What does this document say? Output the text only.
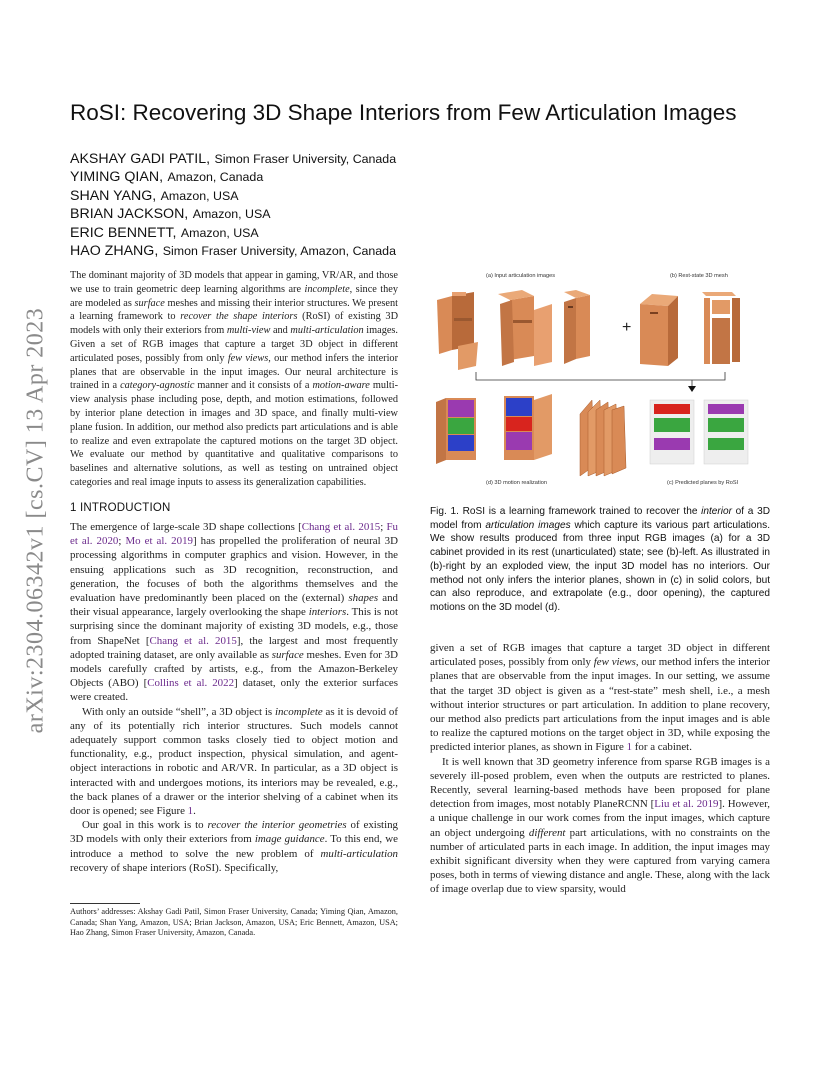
arXiv:2304.06342v1 [cs.CV] 13 Apr 2023
RoSI: Recovering 3D Shape Interiors from Few Articulation Images
AKSHAY GADI PATIL, Simon Fraser University, Canada
YIMING QIAN, Amazon, Canada
SHAN YANG, Amazon, USA
BRIAN JACKSON, Amazon, USA
ERIC BENNETT, Amazon, USA
HAO ZHANG, Simon Fraser University, Amazon, Canada

The dominant majority of 3D models that appear in gaming, VR/AR, and those we use to train geometric deep learning algorithms are incomplete, since they are modeled as surface meshes and missing their interior structures. We present a learning framework to recover the shape interiors (RoSI) of existing 3D models with only their exteriors from multi-view and multi-articulation images. Given a set of RGB images that capture a target 3D object in different articulated poses, possibly from only few views, our method infers the interior planes that are observable in the input images. Our neural architecture is trained in a category-agnostic manner and it consists of a motion-aware multi-view analysis phase including pose, depth, and motion estimations, followed by interior plane detection in images and 3D space, and finally multi-view plane fusion. In addition, our method also predicts part articulations and is able to realize and even extrapolate the captured motions on the target 3D object. We evaluate our method by quantitative and qualitative comparisons to baselines and alternative solutions, as well as testing on untrained object categories and real image inputs to assess its generalization capabilities.

1 INTRODUCTION

The emergence of large-scale 3D shape collections [Chang et al. 2015; Fu et al. 2020; Mo et al. 2019] has propelled the proliferation of neural 3D processing algorithms in computer graphics and vision. However, in the ensuing applications such as 3D recognition, reconstruction, and generation, the focuses of both the algorithms themselves and the evaluation have predominantly been placed on the (external) shapes and their visual appearance, largely overlooking the shape interiors. This is not surprising since the dominant majority of existing 3D models, e.g., those from ShapeNet [Chang et al. 2015], the largest and most frequently adopted training dataset, are only available as surface meshes. Even for 3D models carefully crafted by artists, e.g., from the Amazon-Berkeley Objects (ABO) [Collins et al. 2022] dataset, only the exterior surfaces were created.

With only an outside “shell”, a 3D object is incomplete as it is devoid of any of its potentially rich interior structures. Such models cannot adequately support common tasks closely tied to object motion and functionality, e.g., product inspection, physical simulation, and agent-object interactions in robotic and AR/VR. In particular, as a 3D object is interacted with and undergoes motions, its interiors may be revealed, e.g., the back planes of a drawer or the interior shelving of a cabinet when its door is opened; see Figure 1.

Our goal in this work is to recover the interior geometries of existing 3D models with only their exteriors from image guidance. To this end, we introduce a method to solve the new problem of multi-articulation recovery of shape interiors (RoSI). Specifically,

Authors’ addresses: Akshay Gadi Patil, Simon Fraser University, Canada; Yiming Qian, Amazon, Canada; Shan Yang, Amazon, USA; Brian Jackson, Amazon, USA; Eric Bennett, Amazon, USA; Hao Zhang, Simon Fraser University, Amazon, Canada.
(a) Input articulation images	(b) Rest-state 3D mesh
+
(d) 3D motion realization	(c) Predicted planes by RoSI
Fig. 1. RoSI is a learning framework trained to recover the interior of a 3D model from articulation images which capture its various part articulations. We show results produced from three input RGB images (a) for a 3D cabinet provided in its rest (unarticulated) state; see (b)-left. As illustrated in (b)-right by an exploded view, the input 3D model has no interiors. Our method not only infers the interior planes, shown in (c) in solid colors, but can also reproduce, and extrapolate (e.g., door opening), the captured motions on the 3D model (d).

given a set of RGB images that capture a target 3D object in different articulated poses, possibly from only few views, our method infers the interior planes that are observable from the input images. In our setting, we assume that the target 3D object is given as a “rest-state” mesh shell, i.e., a mesh without interior structures or part articulation. In addition to plane recovery, our method also predicts part articulations from the input images and is able to realize the captured motions on the target object in 3D, while exposing the predicted interior planes, as shown in Figure 1 for a cabinet.

It is well known that 3D geometry inference from sparse RGB images is a severely ill-posed problem, even when the outputs are restricted to planes. Recently, several learning-based methods have been proposed for plane detection from images, most notably PlaneRCNN [Liu et al. 2019]. However, a unique challenge in our work comes from the input images, which capture an object undergoing different part articulations, with no constraints on the number of articulated parts in each image. In addition, the input images may exhibit significant diversity when they were captured from varying camera poses, both in terms of viewing distance and angle. These, along with the lack of image overlap due to view sparsity, would
